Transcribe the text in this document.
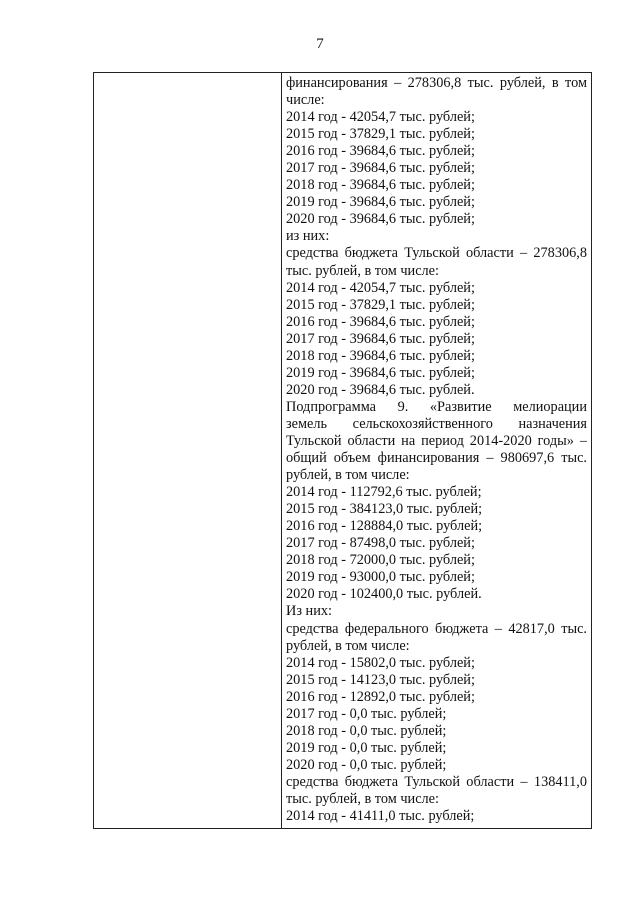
7
финансирования – 278306,8 тыс. рублей, в том
числе:
2014 год - 42054,7 тыс. рублей;
2015 год - 37829,1 тыс. рублей;
2016 год - 39684,6 тыс. рублей;
2017 год - 39684,6 тыс. рублей;
2018 год - 39684,6 тыс. рублей;
2019 год - 39684,6 тыс. рублей;
2020 год - 39684,6 тыс. рублей;
из них:
средства бюджета Тульской области – 278306,8
тыс. рублей, в том числе:
2014 год - 42054,7 тыс. рублей;
2015 год - 37829,1 тыс. рублей;
2016 год - 39684,6 тыс. рублей;
2017 год - 39684,6 тыс. рублей;
2018 год - 39684,6 тыс. рублей;
2019 год - 39684,6 тыс. рублей;
2020 год - 39684,6 тыс. рублей.
Подпрограмма 9. «Развитие мелиорации
земель сельскохозяйственного назначения
Тульской области на период 2014-2020 годы» –
общий объем финансирования – 980697,6 тыс.
рублей, в том числе:
2014 год - 112792,6 тыс. рублей;
2015 год - 384123,0 тыс. рублей;
2016 год - 128884,0 тыс. рублей;
2017 год - 87498,0 тыс. рублей;
2018 год - 72000,0 тыс. рублей;
2019 год - 93000,0 тыс. рублей;
2020 год - 102400,0 тыс. рублей.
Из них:
средства федерального бюджета – 42817,0 тыс.
рублей, в том числе:
2014 год - 15802,0 тыс. рублей;
2015 год - 14123,0 тыс. рублей;
2016 год - 12892,0 тыс. рублей;
2017 год - 0,0 тыс. рублей;
2018 год - 0,0 тыс. рублей;
2019 год - 0,0 тыс. рублей;
2020 год - 0,0 тыс. рублей;
средства бюджета Тульской области – 138411,0
тыс. рублей, в том числе:
2014 год - 41411,0 тыс. рублей;
